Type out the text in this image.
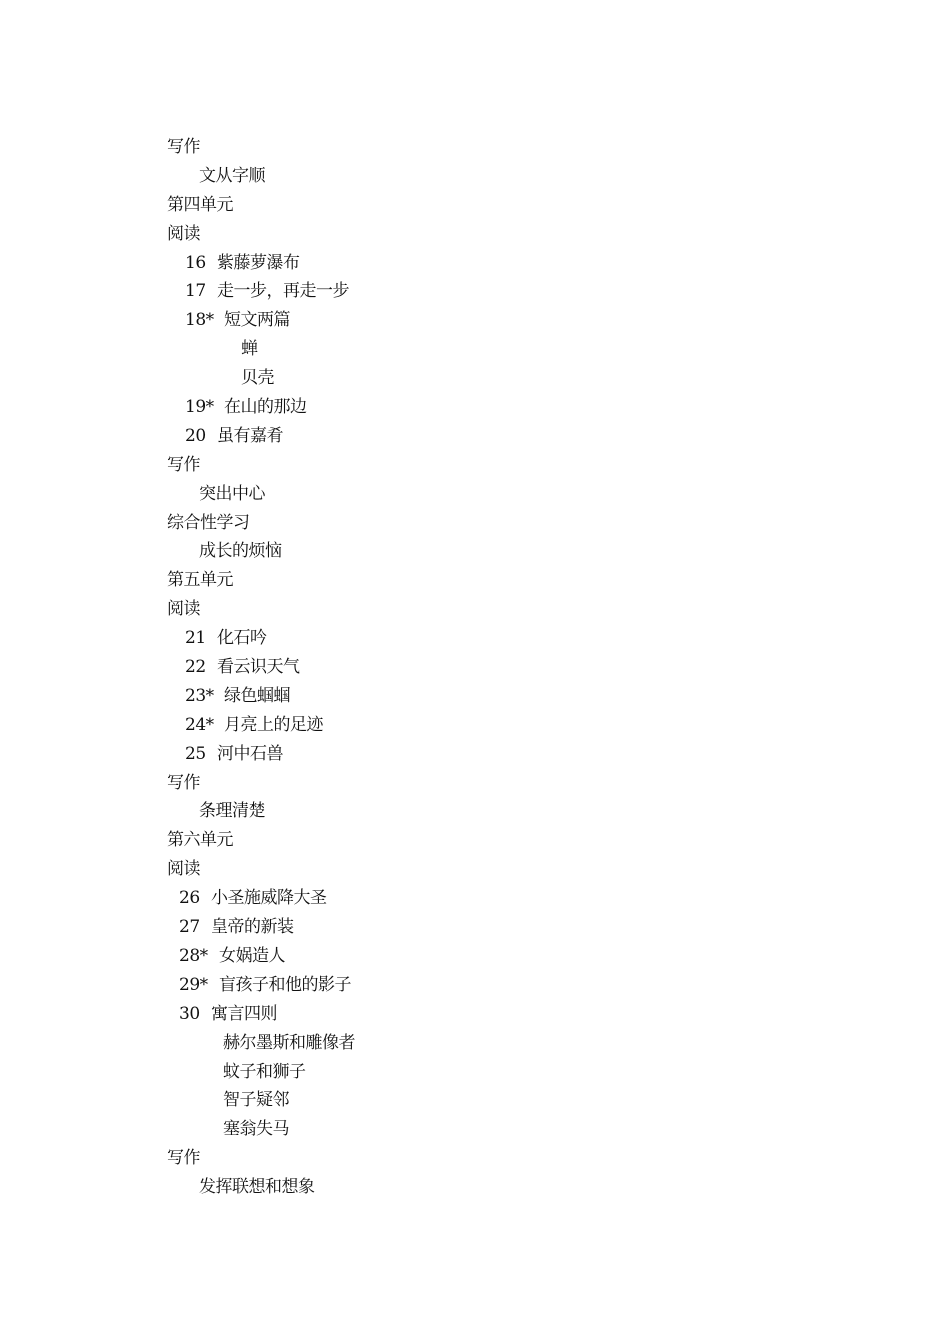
写作
文从字顺
第四单元
阅读
16 紫藤萝瀑布
17 走一步，再走一步
18* 短文两篇
蝉
贝壳
19* 在山的那边
20 虽有嘉肴
写作
突出中心
综合性学习
成长的烦恼
第五单元
阅读
21 化石吟
22 看云识天气
23* 绿色蝈蝈
24* 月亮上的足迹
25 河中石兽
写作
条理清楚
第六单元
阅读
26 小圣施威降大圣
27 皇帝的新装
28* 女娲造人
29* 盲孩子和他的影子
30 寓言四则
赫尔墨斯和雕像者
蚊子和狮子
智子疑邻
塞翁失马
写作
发挥联想和想象
